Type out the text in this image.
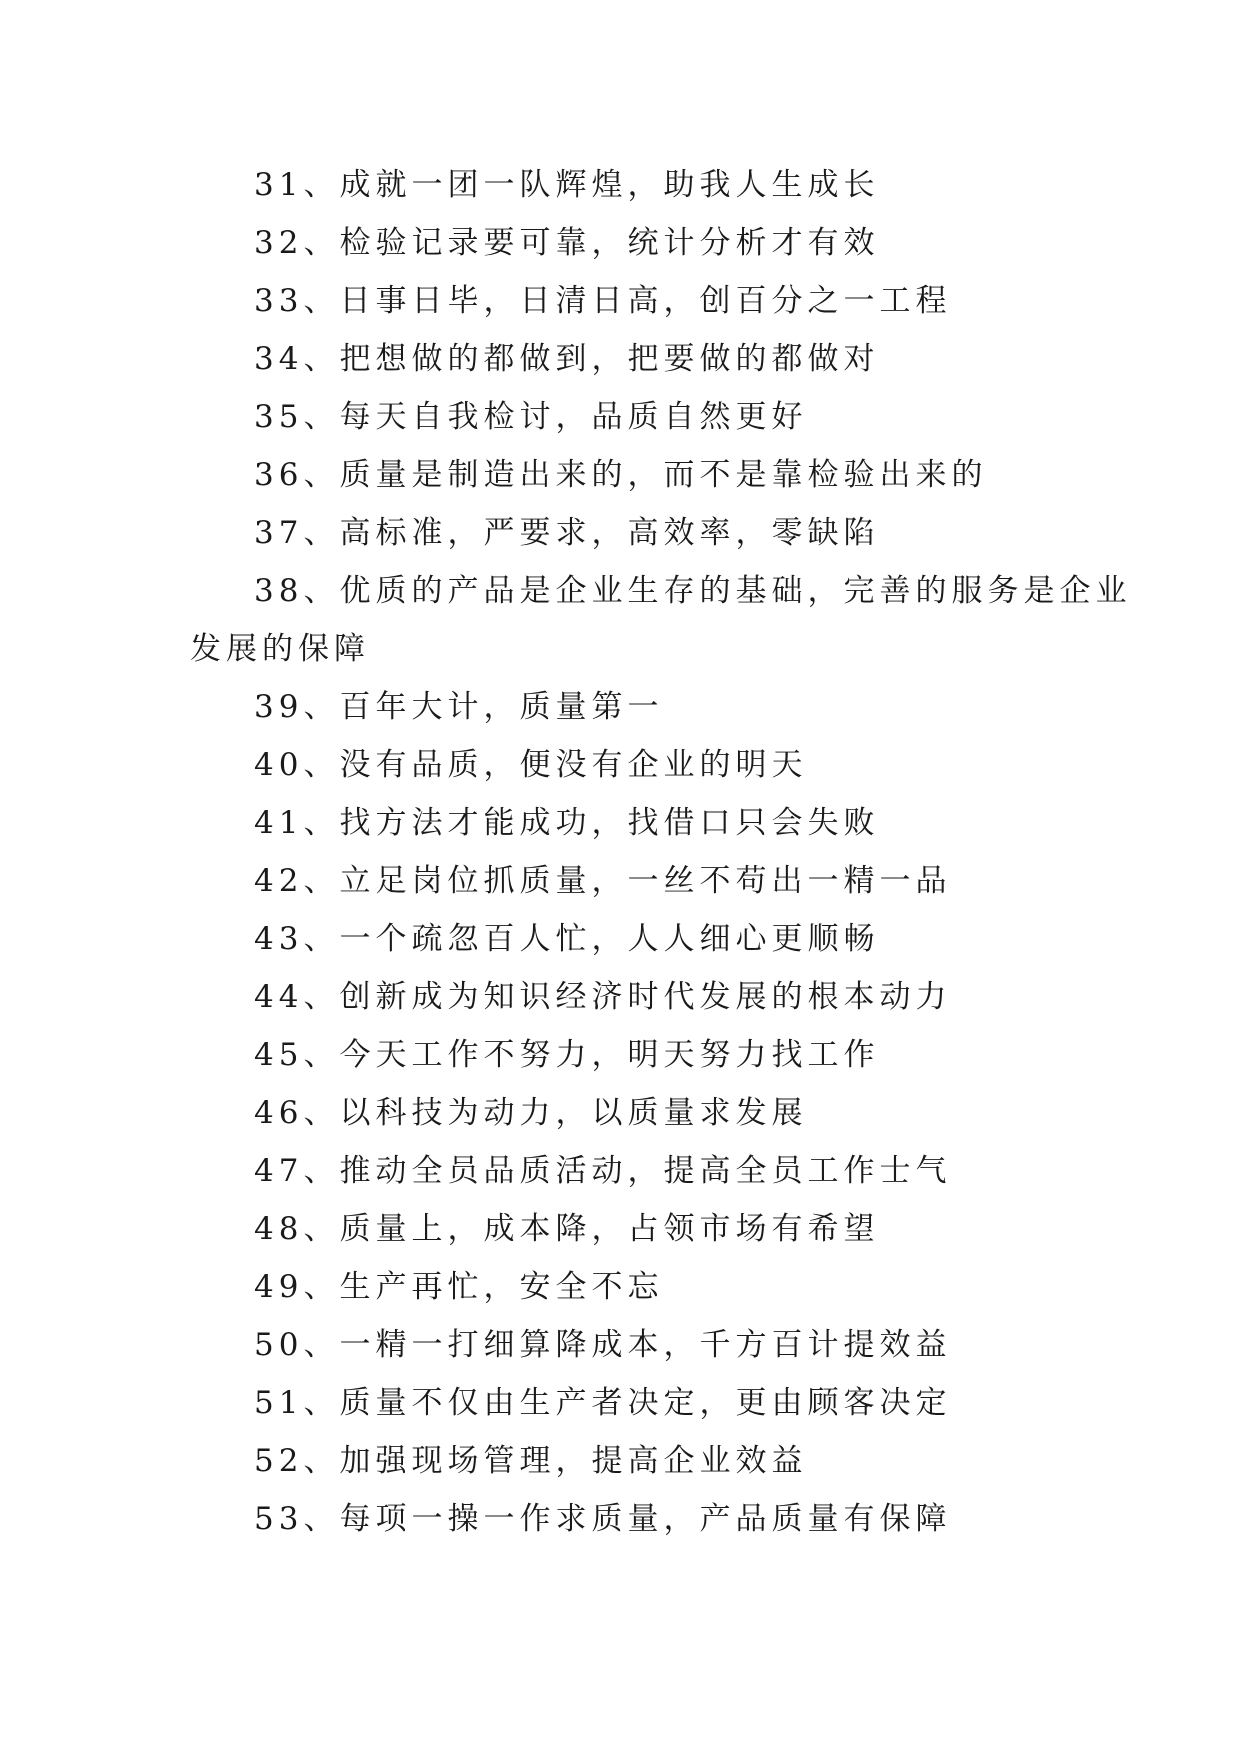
31、成就一团一队辉煌，助我人生成长
32、检验记录要可靠，统计分析才有效
33、日事日毕，日清日高，创百分之一工程
34、把想做的都做到，把要做的都做对
35、每天自我检讨，品质自然更好
36、质量是制造出来的，而不是靠检验出来的
37、高标准，严要求，高效率，零缺陷
38、优质的产品是企业生存的基础，完善的服务是企业
发展的保障
39、百年大计，质量第一
40、没有品质，便没有企业的明天
41、找方法才能成功，找借口只会失败
42、立足岗位抓质量，一丝不苟出一精一品
43、一个疏忽百人忙，人人细心更顺畅
44、创新成为知识经济时代发展的根本动力
45、今天工作不努力，明天努力找工作
46、以科技为动力，以质量求发展
47、推动全员品质活动，提高全员工作士气
48、质量上，成本降，占领市场有希望
49、生产再忙，安全不忘
50、一精一打细算降成本，千方百计提效益
51、质量不仅由生产者决定，更由顾客决定
52、加强现场管理，提高企业效益
53、每项一操一作求质量，产品质量有保障
